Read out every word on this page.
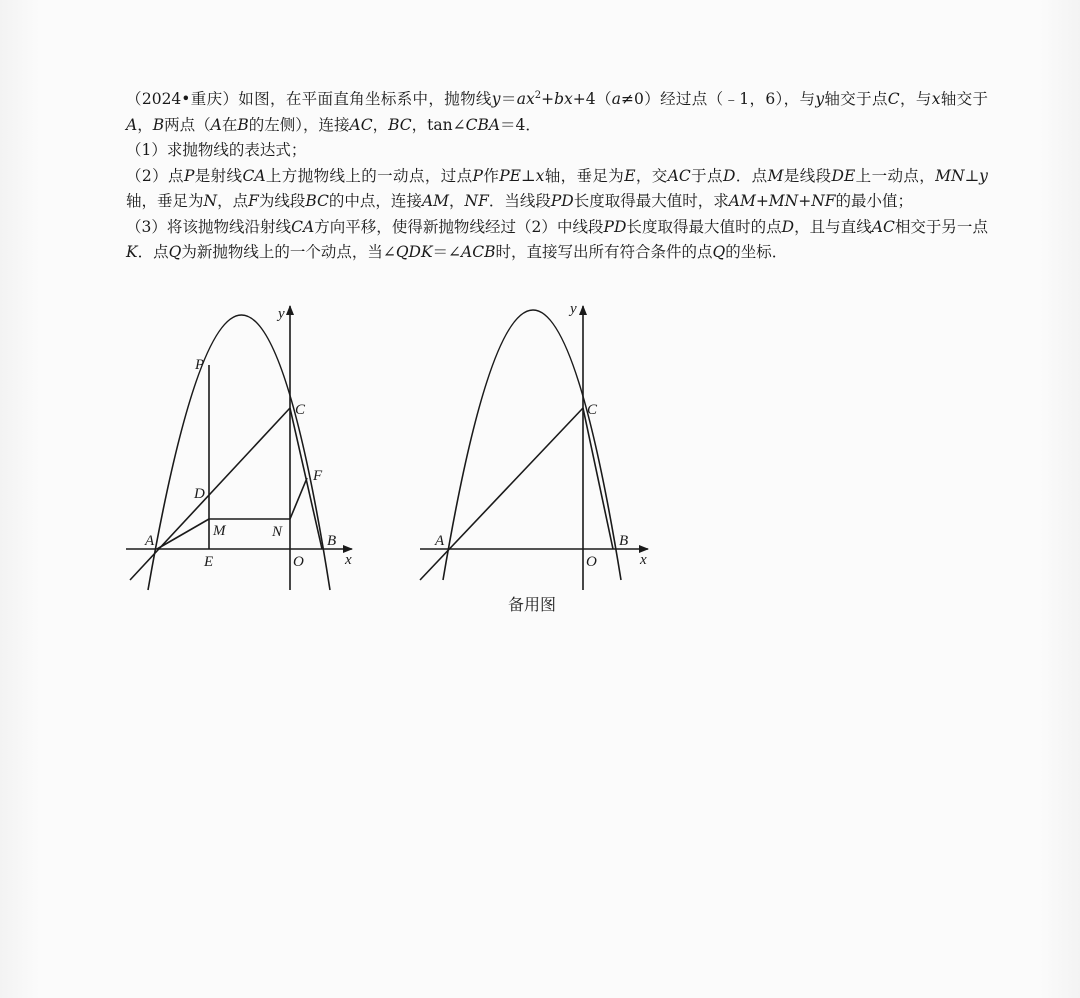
（2024•重庆）如图，在平面直角坐标系中，抛物线$y=ax^2+bx+4(a\ne 0)$经过点（﹣1，6），与y轴交于点C，与x轴交于A，B两点（A在B的左侧），连接AC，BC，tan∠CBA＝4．

（1）求抛物线的表达式；

（2）点P是射线CA上方抛物线上的一动点，过点P作PE⊥x轴，垂足为E，交AC于点D．点M是线段DE上一动点，MN⊥y轴，垂足为N，点F为线段BC的中点，连接AM，NF．当线段PD长度取得最大值时，求AM+MN+NF的最小值；

（3）将该抛物线沿射线CA方向平移，使得新抛物线经过（2）中线段PD长度取得最大值时的点D，且与直线AC相交于另一点K．点Q为新抛物线上的一个动点，当∠QDK＝∠ACB时，直接写出所有符合条件的点Q的坐标．

y
x
P
C
D
F
A
M	N
B
E	O
y
x
C
A	B
O
备用图
